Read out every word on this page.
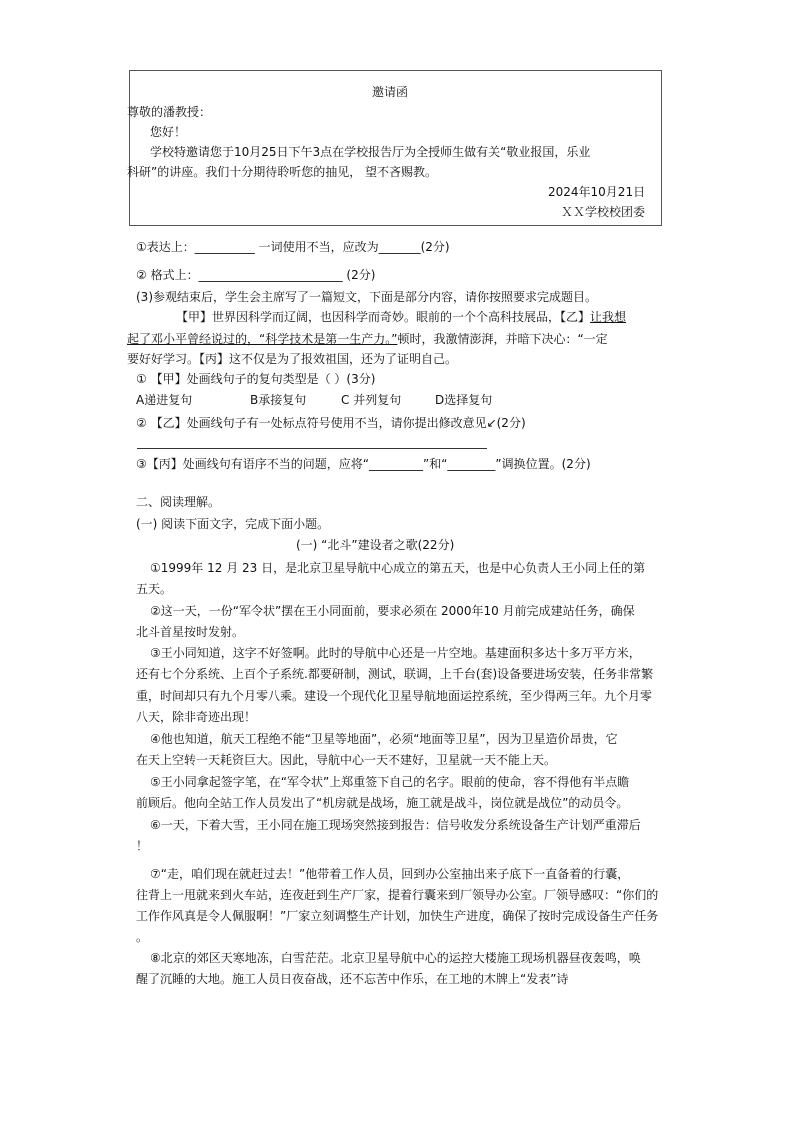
邀请函
尊敬的潘教授：
您好！
学校特邀请您于10月25日下午3点在学校报告厅为全授师生做有关“敬业报国，乐业
科研”的讲座。我们十分期待聆听您的抽见， 望不吝赐教。
2024年10月21日
ＸＸ学校校团委
①表达上：__________ 一词使用不当，应改为_______(2分)
② 格式上：________________________ (2分)
(3)参观结束后，学生会主席写了一篇短文，下面是部分内容，请你按照要求完成题目。
【甲】世界因科学而辽阔，也因科学而奇妙。眼前的一个个高科技展品，【乙】让我想
起了邓小平曾经说过的，“科学技术是第一生产力。”顿时，我激情澎湃，并暗下决心：“一定
要好好学习。【丙】这不仅是为了报效祖国，还为了证明自己。
① 【甲】处画线句子的复句类型是（ ）(3分)
A递进复句	B承接复句	C 并列复句	D选择复句
② 【乙】处画线句子有一处标点符号使用不当，请你提出修改意见↙(2分)
③【丙】处画线句有语序不当的问题，应将“_________”和“________”调换位置。(2分)
二、阅读理解。
(一) 阅读下面文字，完成下面小题。
(一) “北斗”建设者之歌(22分)
①1999年 12 月 23 日，是北京卫星导航中心成立的第五天，也是中心负责人王小同上任的第
五天。
②这一天，一份“军令状”摆在王小同面前，要求必须在 2000年10 月前完成建站任务，确保
北斗首星按时发射。
③王小同知道，这字不好签啊。此时的导航中心还是一片空地。基建面积多达十多万平方米，
还有七个分系统、上百个子系统.都要研制，测试，联调，上千台(套)设备要进场安装，任务非常繁
重，时间却只有九个月零八乘。建设一个现代化卫星导航地面运控系统，至少得两三年。九个月零
八天，除非奇迹出现！
④他也知道，航天工程绝不能“卫星等地面”，必须“地面等卫星”，因为卫星造价昂贵，它
在天上空转一天耗资巨大。因此，导航中心一天不建好，卫星就一天不能上天。
⑤王小同拿起签字笔，在“军令状”上郑重签下自己的名字。眼前的使命，容不得他有半点瞻
前顾后。他向全站工作人员发出了“机房就是战场，施工就是战斗，岗位就是战位”的动员令。
⑥一天，下着大雪，王小同在施工现场突然接到报告：信号收发分系统设备生产计划严重滞后
！
⑦“走，咱们现在就赶过去！”他带着工作人员，回到办公室抽出来子底下一直备着的行囊，
往背上一甩就来到火车站，连夜赶到生产厂家，提着行囊来到厂领导办公室。厂领导感叹：“你们的
工作作风真是令人佩服啊！”厂家立刻调整生产计划，加快生产进度，确保了按时完成设备生产任务
。
⑧北京的郊区天寒地冻，白雪茫茫。北京卫星导航中心的运控大楼施工现场机器昼夜轰鸣，唤
醒了沉睡的大地。施工人员日夜奋战，还不忘苦中作乐，在工地的木牌上“发表”诗
